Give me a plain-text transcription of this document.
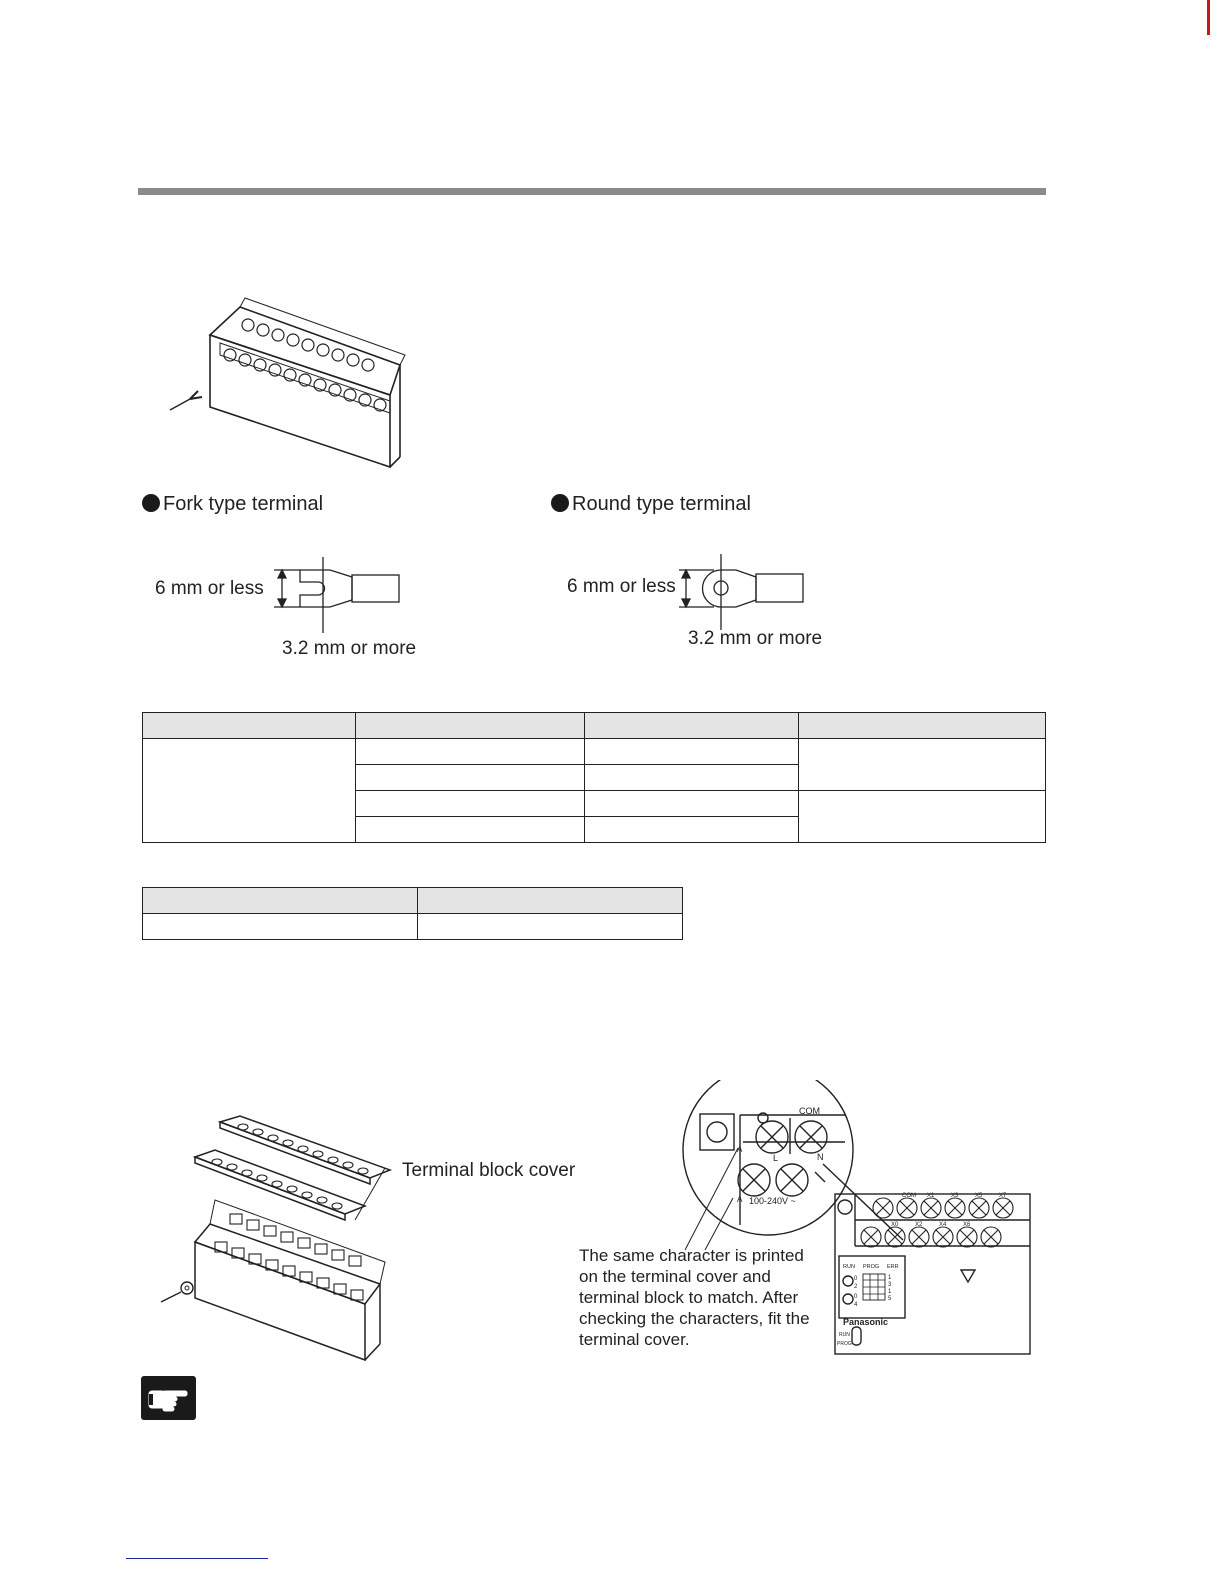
Fork type terminal
6 mm or less
3.2 mm or more
Round type terminal
6 mm or less
3.2 mm or more

Terminal block cover
COM
L	N
100-240V ~
A
A	COM X1	X3	X5	X7
X0	X2	X4	X6
RUN PROG ERR
0
2
0
4
1
3
1
5
Panasonic
RUN
PROG
The same character is printed on the terminal cover and terminal block to match. After checking the characters, fit the terminal cover.
